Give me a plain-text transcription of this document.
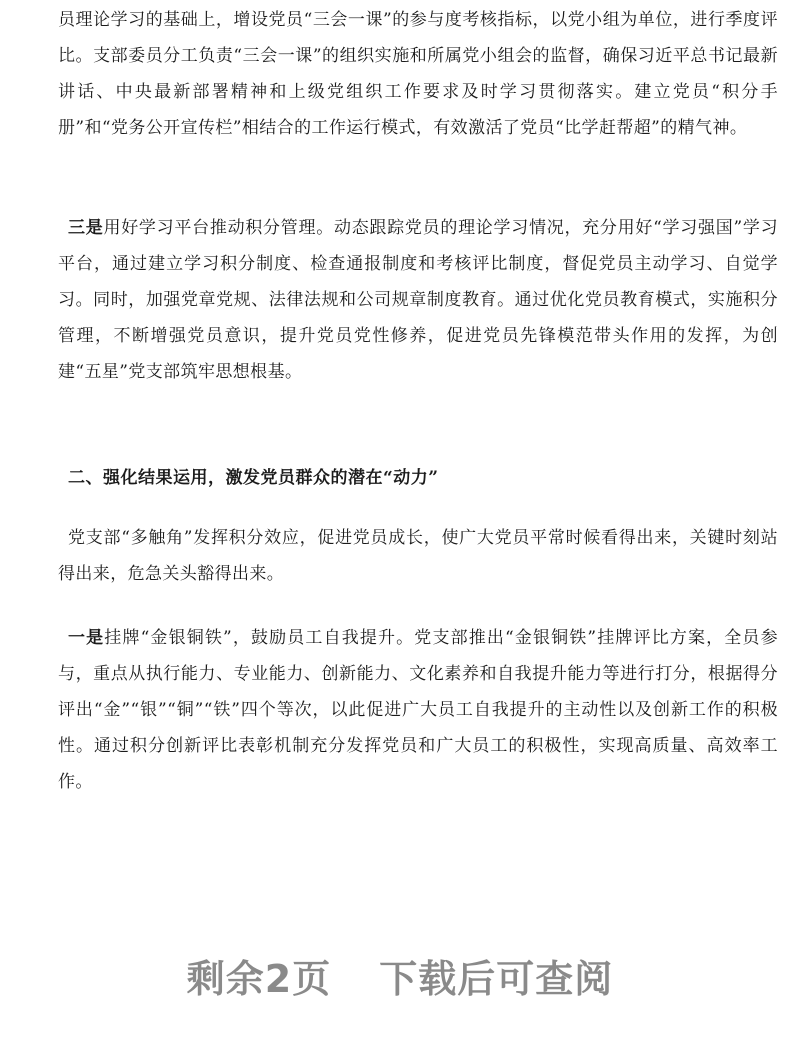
员理论学习的基础上，增设党员“三会一课”的参与度考核指标，以党小组为单位，进行季度评比。支部委员分工负责“三会一课”的组织实施和所属党小组会的监督，确保习近平总书记最新讲话、中央最新部署精神和上级党组织工作要求及时学习贯彻落实。建立党员“积分手册”和“党务公开宣传栏”相结合的工作运行模式，有效激活了党员“比学赶帮超”的精气神。

三是用好学习平台推动积分管理。动态跟踪党员的理论学习情况，充分用好“学习强国”学习平台，通过建立学习积分制度、检查通报制度和考核评比制度，督促党员主动学习、自觉学习。同时，加强党章党规、法律法规和公司规章制度教育。通过优化党员教育模式，实施积分管理，不断增强党员意识，提升党员党性修养，促进党员先锋模范带头作用的发挥，为创建“五星”党支部筑牢思想根基。

二、强化结果运用，激发党员群众的潜在“动力”

党支部“多触角”发挥积分效应，促进党员成长，使广大党员平常时候看得出来，关键时刻站得出来，危急关头豁得出来。

一是挂牌“金银铜铁”，鼓励员工自我提升。党支部推出“金银铜铁”挂牌评比方案，全员参与，重点从执行能力、专业能力、创新能力、文化素养和自我提升能力等进行打分，根据得分评出“金”“银”“铜”“铁”四个等次，以此促进广大员工自我提升的主动性以及创新工作的积极性。通过积分创新评比表彰机制充分发挥党员和广大员工的积极性，实现高质量、高效率工作。

剩余2页 下载后可查阅
